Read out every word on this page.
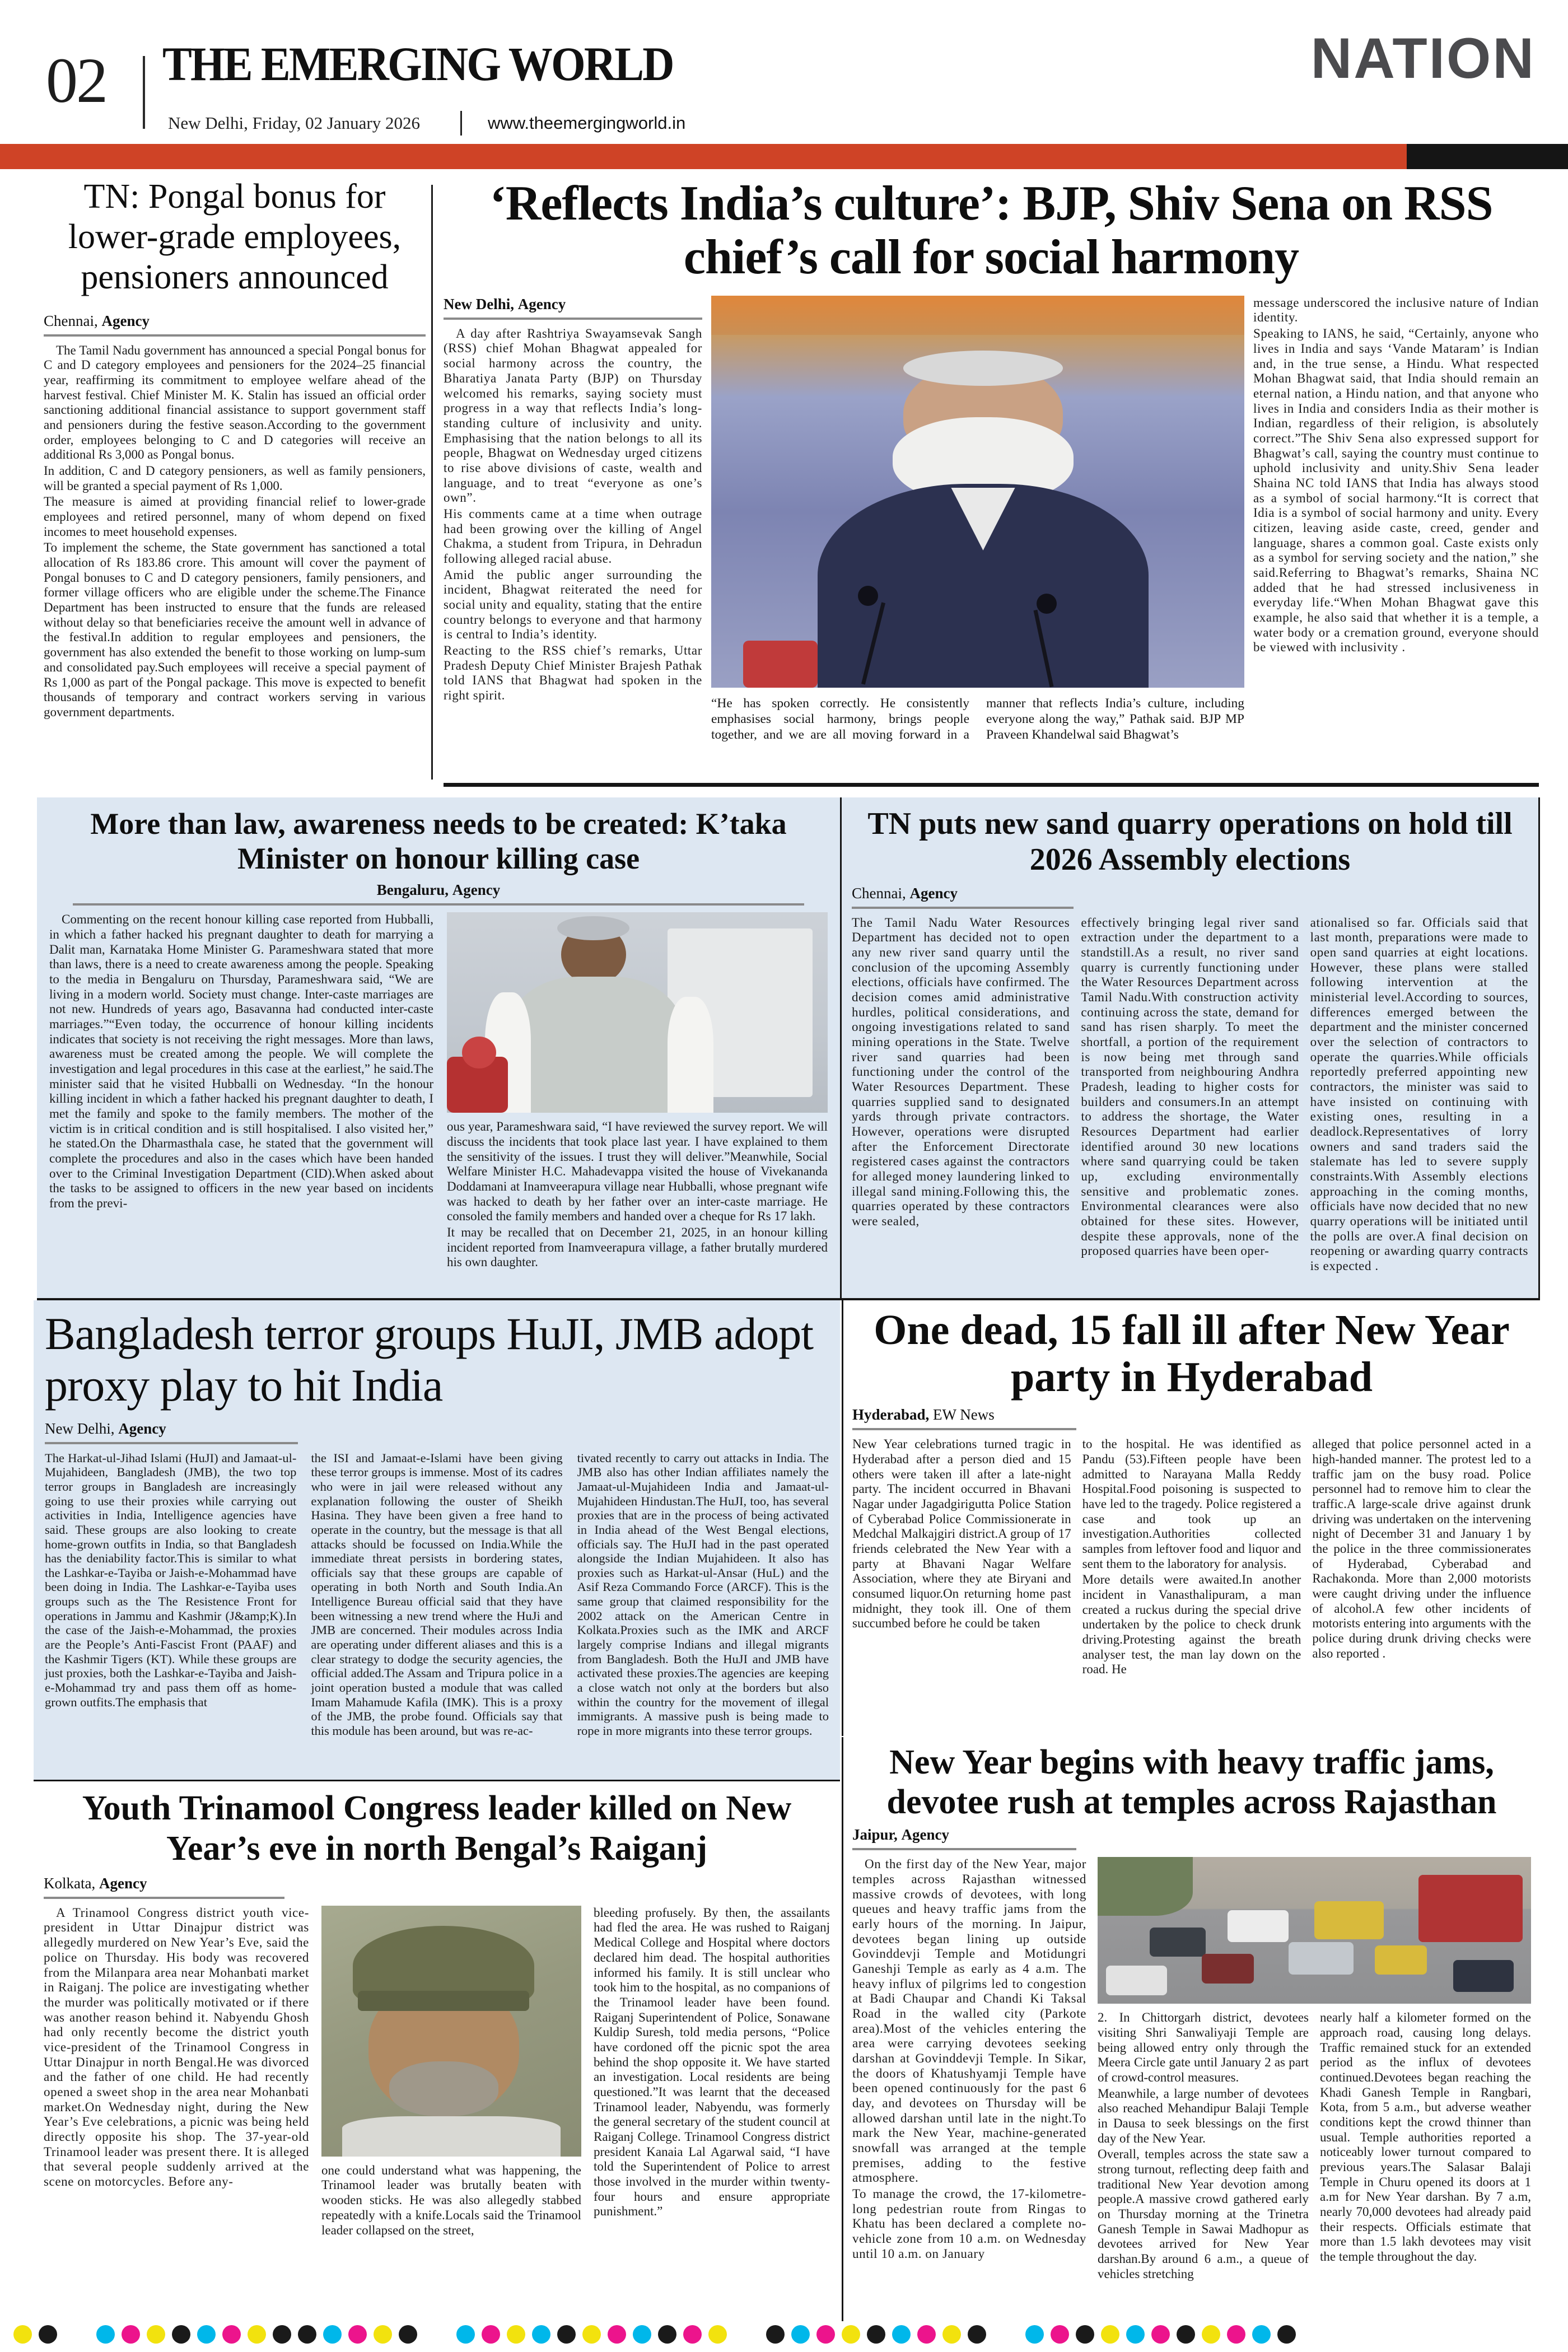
02 THE EMERGING WORLD
New Delhi, Friday, 02 January 2026	www.theemergingworld.in
NATION
TN: Pongal bonus for lower-grade employees, pensioners announced
Chennai, Agency

The Tamil Nadu government has announced a special Pongal bonus for C and D category employees and pensioners for the 2024–25 financial year, reaffirming its commitment to employee welfare ahead of the harvest festival. Chief Minister M. K. Stalin has issued an official order sanctioning additional financial assistance to support government staff and pensioners during the festive season.According to the government order, employees belonging to C and D categories will receive an additional Rs 3,000 as Pongal bonus.

In addition, C and D category pensioners, as well as family pensioners, will be granted a special payment of Rs 1,000.

The measure is aimed at providing financial relief to lower-grade employees and retired personnel, many of whom depend on fixed incomes to meet household expenses.

To implement the scheme, the State government has sanctioned a total allocation of Rs 183.86 crore. This amount will cover the payment of Pongal bonuses to C and D category pensioners, family pensioners, and former village officers who are eligible under the scheme.The Finance Department has been instructed to ensure that the funds are released without delay so that beneficiaries receive the amount well in advance of the festival.In addition to regular employees and pensioners, the government has also extended the benefit to those working on lump-sum and consolidated pay.Such employees will receive a special payment of Rs 1,000 as part of the Pongal package. This move is expected to benefit thousands of temporary and contract workers serving in various government departments.

‘Reflects India’s culture’: BJP, Shiv Sena on RSS chief’s call for social harmony
New Delhi, Agency

A day after Rashtriya Swayamsevak Sangh (RSS) chief Mohan Bhagwat appealed for social harmony across the country, the Bharatiya Janata Party (BJP) on Thursday welcomed his remarks, saying society must progress in a way that reflects India’s long-standing culture of inclusivity and unity. Emphasising that the nation belongs to all its people, Bhagwat on Wednesday urged citizens to rise above divisions of caste, wealth and language, and to treat “everyone as one’s own”.

His comments came at a time when outrage had been growing over the killing of Angel Chakma, a student from Tripura, in Dehradun following alleged racial abuse.

Amid the public anger surrounding the incident, Bhagwat reiterated the need for social unity and equality, stating that the entire country belongs to everyone and that harmony is central to India’s identity.

Reacting to the RSS chief’s remarks, Uttar Pradesh Deputy Chief Minister Brajesh Pathak told IANS that Bhagwat had spoken in the right spirit.

“He has spoken correctly. He consistently emphasises social harmony, brings people together, and we are all moving forward in a manner that reflects India’s culture, including everyone along the way,” Pathak said. BJP MP Praveen Khandelwal said Bhagwat’s

message underscored the inclusive nature of Indian identity.

Speaking to IANS, he said, “Certainly, anyone who lives in India and says ‘Vande Mataram’ is Indian and, in the true sense, a Hindu. What respected Mohan Bhagwat said, that India should remain an eternal nation, a Hindu nation, and that anyone who lives in India and considers India as their mother is Indian, regardless of their religion, is absolutely correct.”The Shiv Sena also expressed support for Bhagwat’s call, saying the country must continue to uphold inclusivity and unity.Shiv Sena leader Shaina NC told IANS that India has always stood as a symbol of social harmony.“It is correct that Idia is a symbol of social harmony and unity. Every citizen, leaving aside caste, creed, gender and language, shares a common goal. Caste exists only as a symbol for serving society and the nation,” she said.Referring to Bhagwat’s remarks, Shaina NC added that he had stressed inclusiveness in everyday life.“When Mohan Bhagwat gave this example, he also said that whether it is a temple, a water body or a cremation ground, everyone should be viewed with inclusivity .

More than law, awareness needs to be created: K’taka Minister on honour killing case
Bengaluru, Agency

Commenting on the recent honour killing case reported from Hubballi, in which a father hacked his pregnant daughter to death for marrying a Dalit man, Karnataka Home Minister G. Parameshwara stated that more than laws, there is a need to create awareness among the people. Speaking to the media in Bengaluru on Thursday, Parameshwara said, “We are living in a modern world. Society must change. Inter-caste marriages are not new. Hundreds of years ago, Basavanna had conducted inter-caste marriages.”“Even today, the occurrence of honour killing incidents indicates that society is not receiving the right messages. More than laws, awareness must be created among the people. We will complete the investigation and legal procedures in this case at the earliest,” he said.The minister said that he visited Hubballi on Wednesday. “In the honour killing incident in which a father hacked his pregnant daughter to death, I met the family and spoke to the family members. The mother of the victim is in critical condition and is still hospitalised. I also visited her,” he stated.On the Dharmasthala case, he stated that the government will complete the procedures and also in the cases which have been handed over to the Criminal Investigation Department (CID).When asked about the tasks to be assigned to officers in the new year based on incidents from the previ-

ous year, Parameshwara said, “I have reviewed the survey report. We will discuss the incidents that took place last year. I have explained to them the sensitivity of the issues. I trust they will deliver.”Meanwhile, Social Welfare Minister H.C. Mahadevappa visited the house of Vivekananda Doddamani at Inamveerapura village near Hubballi, whose pregnant wife was hacked to death by her father over an inter-caste marriage. He consoled the family members and handed over a cheque for Rs 17 lakh.

It may be recalled that on December 21, 2025, in an honour killing incident reported from Inamveerapura village, a father brutally murdered his own daughter.

TN puts new sand quarry operations on hold till 2026 Assembly elections
Chennai, Agency

The Tamil Nadu Water Resources Department has decided not to open any new river sand quarry until the conclusion of the upcoming Assembly elections, officials have confirmed. The decision comes amid administrative hurdles, political considerations, and ongoing investigations related to sand mining operations in the State. Twelve river sand quarries had been functioning under the control of the Water Resources Department. These quarries supplied sand to designated yards through private contractors. However, operations were disrupted after the Enforcement Directorate registered cases against the contractors for alleged money laundering linked to illegal sand mining.Following this, the quarries operated by these contractors were sealed,

effectively bringing legal river sand extraction under the department to a standstill.As a result, no river sand quarry is currently functioning under the Water Resources Department across Tamil Nadu.With construction activity continuing across the state, demand for sand has risen sharply. To meet the shortfall, a portion of the requirement is now being met through sand transported from neighbouring Andhra Pradesh, leading to higher costs for builders and consumers.In an attempt to address the shortage, the Water Resources Department had earlier identified around 30 new locations where sand quarrying could be taken up, excluding environmentally sensitive and problematic zones. Environmental clearances were also obtained for these sites. However, despite these approvals, none of the proposed quarries have been oper-

ationalised so far. Officials said that last month, preparations were made to open sand quarries at eight locations. However, these plans were stalled following intervention at the ministerial level.According to sources, differences emerged between the department and the minister concerned over the selection of contractors to operate the quarries.While officials reportedly preferred appointing new contractors, the minister was said to have insisted on continuing with existing ones, resulting in a deadlock.Representatives of lorry owners and sand traders said the stalemate has led to severe supply constraints.With Assembly elections approaching in the coming months, officials have now decided that no new quarry operations will be initiated until the polls are over.A final decision on reopening or awarding quarry contracts is expected .

Bangladesh terror groups HuJI, JMB adopt proxy play to hit India
New Delhi, Agency

The Harkat-ul-Jihad Islami (HuJI) and Jamaat-ul-Mujahideen, Bangladesh (JMB), the two top terror groups in Bangladesh are increasingly going to use their proxies while carrying out activities in India, Intelligence agencies have said. These groups are also looking to create home-grown outfits in India, so that Bangladesh has the deniability factor.This is similar to what the Lashkar-e-Tayiba or Jaish-e-Mohammad have been doing in India. The Lashkar-e-Tayiba uses groups such as the The Resistence Front for operations in Jammu and Kashmir (J&amp;K).In the case of the Jaish-e-Mohammad, the proxies are the People’s Anti-Fascist Front (PAAF) and the Kashmir Tigers (KT). While these groups are just proxies, both the Lashkar-e-Tayiba and Jaish-e-Mohammad try and pass them off as home-grown outfits.The emphasis that

the ISI and Jamaat-e-Islami have been giving these terror groups is immense. Most of its cadres who were in jail were released without any explanation following the ouster of Sheikh Hasina. They have been given a free hand to operate in the country, but the message is that all attacks should be focussed on India.While the immediate threat persists in bordering states, officials say that these groups are capable of operating in both North and South India.An Intelligence Bureau official said that they have been witnessing a new trend where the HuJi and JMB are concerned. Their modules across India are operating under different aliases and this is a clear strategy to dodge the security agencies, the official added.The Assam and Tripura police in a joint operation busted a module that was called Imam Mahamude Kafila (IMK). This is a proxy of the JMB, the probe found. Officials say that this module has been around, but was re-ac-

tivated recently to carry out attacks in India. The JMB also has other Indian affiliates namely the Jamaat-ul-Mujahideen India and Jamaat-ul-Mujahideen Hindustan.The HuJI, too, has several proxies that are in the process of being activated in India ahead of the West Bengal elections, officials say. The HuJI had in the past operated alongside the Indian Mujahideen. It also has proxies such as Harkat-ul-Ansar (HuL) and the Asif Reza Commando Force (ARCF). This is the same group that claimed responsibility for the 2002 attack on the American Centre in Kolkata.Proxies such as the IMK and ARCF largely comprise Indians and illegal migrants from Bangladesh. Both the HuJI and JMB have activated these proxies.The agencies are keeping a close watch not only at the borders but also within the country for the movement of illegal immigrants. A massive push is being made to rope in more migrants into these terror groups.

One dead, 15 fall ill after New Year party in Hyderabad
Hyderabad, EW News

New Year celebrations turned tragic in Hyderabad after a person died and 15 others were taken ill after a late-night party. The incident occurred in Bhavani Nagar under Jagadgirigutta Police Station of Cyberabad Police Commissionerate in Medchal Malkajgiri district.A group of 17 friends celebrated the New Year with a party at Bhavani Nagar Welfare Association, where they ate Biryani and consumed liquor.On returning home past midnight, they took ill. One of them succumbed before he could be taken

to the hospital. He was identified as Pandu (53).Fifteen people have been admitted to Narayana Malla Reddy Hospital.Food poisoning is suspected to have led to the tragedy. Police registered a case and took up an investigation.Authorities collected samples from leftover food and liquor and sent them to the laboratory for analysis.

More details were awaited.In another incident in Vanasthalipuram, a man created a ruckus during the special drive undertaken by the police to check drunk driving.Protesting against the breath analyser test, the man lay down on the road. He

alleged that police personnel acted in a high-handed manner. The protest led to a traffic jam on the busy road. Police personnel had to remove him to clear the traffic.A large-scale drive against drunk driving was undertaken on the intervening night of December 31 and January 1 by the police in the three commissionerates of Hyderabad, Cyberabad and Rachakonda. More than 2,000 motorists were caught driving under the influence of alcohol.A few other incidents of motorists entering into arguments with the police during drunk driving checks were also reported .

New Year begins with heavy traffic jams, devotee rush at temples across Rajasthan
Jaipur, Agency

On the first day of the New Year, major temples across Rajasthan witnessed massive crowds of devotees, with long queues and heavy traffic jams from the early hours of the morning. In Jaipur, devotees began lining up outside Govinddevji Temple and Motidungri Ganeshji Temple as early as 4 a.m. The heavy influx of pilgrims led to congestion at Badi Chaupar and Chandi Ki Taksal Road in the walled city (Parkote area).Most of the vehicles entering the area were carrying devotees seeking darshan at Govinddevji Temple. In Sikar, the doors of Khatushyamji Temple have been opened continuously for the past 6 day, and devotees on Thursday will be allowed darshan until late in the night.To mark the New Year, machine-generated snowfall was arranged at the temple premises, adding to the festive atmosphere.

To manage the crowd, the 17-kilometre-long pedestrian route from Ringas to Khatu has been declared a complete no-vehicle zone from 10 a.m. on Wednesday until 10 a.m. on January

2. In Chittorgarh district, devotees visiting Shri Sanwaliyaji Temple are being allowed entry only through the Meera Circle gate until January 2 as part of crowd-control measures.

Meanwhile, a large number of devotees also reached Mehandipur Balaji Temple in Dausa to seek blessings on the first day of the New Year.

Overall, temples across the state saw a strong turnout, reflecting deep faith and traditional New Year devotion among people.A massive crowd gathered early on Thursday morning at the Trinetra Ganesh Temple in Sawai Madhopur as devotees arrived for New Year darshan.By around 6 a.m., a queue of vehicles stretching

nearly half a kilometer formed on the approach road, causing long delays. Traffic remained stuck for an extended period as the influx of devotees continued.Devotees began reaching the Khadi Ganesh Temple in Rangbari, Kota, from 5 a.m., but adverse weather conditions kept the crowd thinner than usual. Temple authorities reported a noticeably lower turnout compared to previous years.The Salasar Balaji Temple in Churu opened its doors at 1 a.m for New Year darshan. By 7 a.m, nearly 70,000 devotees had already paid their respects. Officials estimate that more than 1.5 lakh devotees may visit the temple throughout the day.

Youth Trinamool Congress leader killed on New Year’s eve in north Bengal’s Raiganj
Kolkata, Agency

A Trinamool Congress district youth vice-president in Uttar Dinajpur district was allegedly murdered on New Year’s Eve, said the police on Thursday. His body was recovered from the Milanpara area near Mohanbati market in Raiganj. The police are investigating whether the murder was politically motivated or if there was another reason behind it. Nabyendu Ghosh had only recently become the district youth vice-president of the Trinamool Congress in Uttar Dinajpur in north Bengal.He was divorced and the father of one child. He had recently opened a sweet shop in the area near Mohanbati market.On Wednesday night, during the New Year’s Eve celebrations, a picnic was being held directly opposite his shop. The 37-year-old Trinamool leader was present there. It is alleged that several people suddenly arrived at the scene on motorcycles. Before any-

one could understand what was happening, the Trinamool leader was brutally beaten with wooden sticks. He was also allegedly stabbed repeatedly with a knife.Locals said the Trinamool leader collapsed on the street,

bleeding profusely. By then, the assailants had fled the area. He was rushed to Raiganj Medical College and Hospital where doctors declared him dead. The hospital authorities informed his family. It is still unclear who took him to the hospital, as no companions of the Trinamool leader have been found. Raiganj Superintendent of Police, Sonawane Kuldip Suresh, told media persons, “Police have cordoned off the picnic spot the area behind the shop opposite it. We have started an investigation. Local residents are being questioned.”It was learnt that the deceased Trinamool leader, Nabyendu, was formerly the general secretary of the student council at Raiganj College. Trinamool Congress district president Kanaia Lal Agarwal said, “I have told the Superintendent of Police to arrest those involved in the murder within twenty-four hours and ensure appropriate punishment.”
